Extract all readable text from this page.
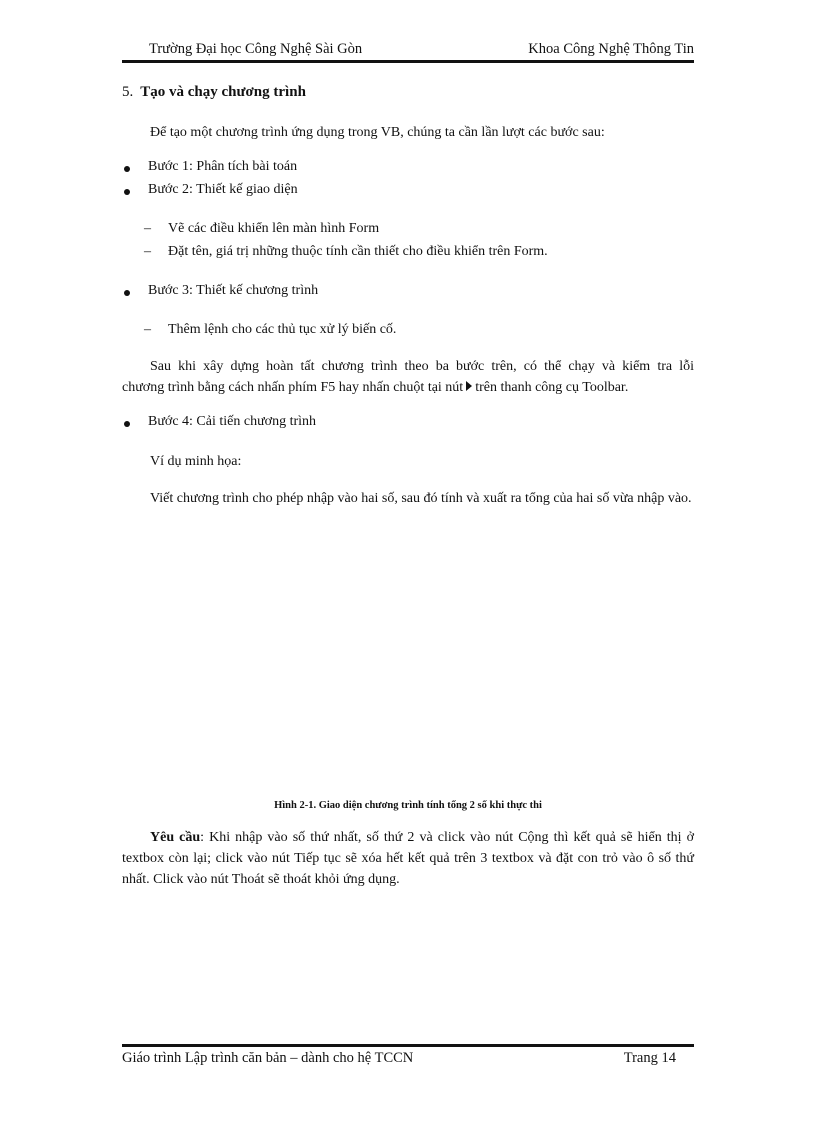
Trường Đại học Công Nghệ Sài Gòn	Khoa Công Nghệ Thông Tin
5. Tạo và chạy chương trình
Để tạo một chương trình ứng dụng trong VB, chúng ta cần lần lượt các bước sau:
Bước 1: Phân tích bài toán
Bước 2: Thiết kế giao diện
– Vẽ các điều khiển lên màn hình Form
– Đặt tên, giá trị những thuộc tính cần thiết cho điều khiển trên Form.
Bước 3: Thiết kế chương trình
– Thêm lệnh cho các thủ tục xử lý biến cố.
Sau khi xây dựng hoàn tất chương trình theo ba bước trên, có thể chạy và kiểm tra lỗi
chương trình bằng cách nhấn phím F5 hay nhấn chuột tại nút trên thanh công cụ Toolbar.
Bước 4: Cải tiến chương trình
Ví dụ minh họa:
Viết chương trình cho phép nhập vào hai số, sau đó tính và xuất ra tổng của hai số vừa nhập vào.
Hình 2-1. Giao diện chương trình tính tổng 2 số khi thực thi
Yêu cầu: Khi nhập vào số thứ nhất, số thứ 2 và click vào nút Cộng thì kết quả sẽ hiển thị ở textbox còn lại; click vào nút Tiếp tục sẽ xóa hết kết quả trên 3 textbox và đặt con trỏ vào ô số thứ nhất. Click vào nút Thoát sẽ thoát khỏi ứng dụng.
Giáo trình Lập trình căn bản – dành cho hệ TCCN	Trang 14
